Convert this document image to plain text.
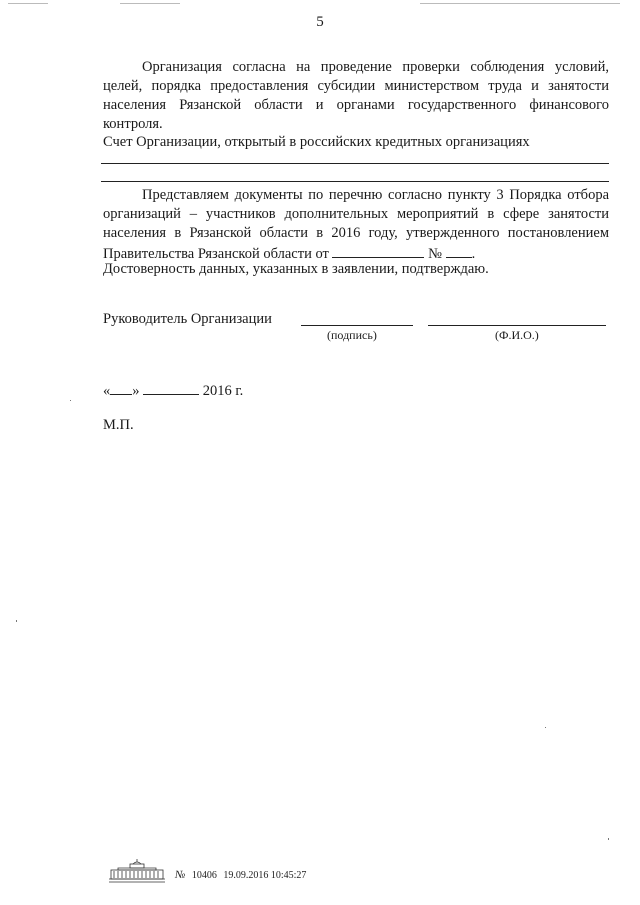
5

Организация согласна на проведение проверки соблюдения условий, целей, порядка предоставления субсидии министерством труда и занятости населения Рязанской области и органами государственного финансового контроля.

Счет Организации, открытый в российских кредитных организациях

Представляем документы по перечню согласно пункту 3 Порядка отбора организаций – участников дополнительных мероприятий в сфере занятости населения в Рязанской области в 2016 году, утвержденного постановлением Правительства Рязанской области от	№ .

Достоверность данных, указанных в заявлении, подтверждаю.
Руководитель Организации
(подпись)	(Ф.И.О.)
« »	2016 г.
М.П.
№ 10406 19.09.2016 10:45:27
